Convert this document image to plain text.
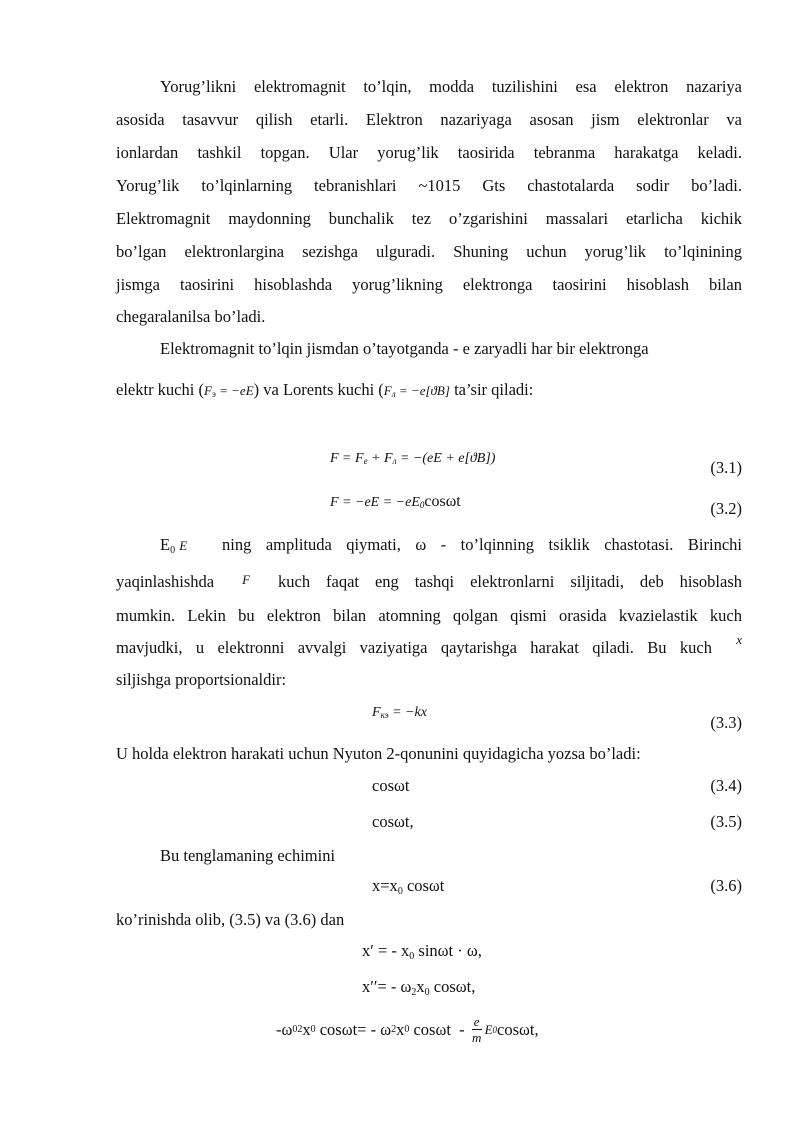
Yorug’likni elektromagnit to’lqin, modda tuzilishini esa elektron nazariya
asosida tasavvur qilish etarli. Elektron nazariyaga asosan jism elektronlar va
ionlardan tashkil topgan. Ular yorug’lik taosirida tebranma harakatga keladi.
Yorug’lik to’lqinlarning tebranishlari ~1015 Gts chastotalarda sodir bo’ladi.
Elektromagnit maydonning bunchalik tez o’zgarishini massalari etarlicha kichik
bo’lgan elektronlargina sezishga ulguradi. Shuning uchun yorug’lik to’lqinining
jismga taosirini hisoblashda yorug’likning elektronga taosirini hisoblash bilan
chegaralanilsa bo’ladi.
Elektromagnit to’lqin jismdan o’tayotganda - e zaryadli har bir elektronga
elektr kuchi $(F_э = -eE)$ va Lorents kuchi ($F_л = -e[ϑB]$ ta’sir qiladi:
$F = F_e + F_л = -(eE + e[ϑB])$	(3.1)
$F = -eE = -eE_0\cos\omega t$	(3.2)
$E_0$ E ning amplituda qiymati, ω - to’lqinning tsiklik chastotasi. Birinchi
yaqinlashishda F kuch faqat eng tashqi elektronlarni siljitadi, deb hisoblash
mumkin. Lekin bu elektron bilan atomning qolgan qismi orasida kvazielastik kuch
mavjudki, u elektronni avvalgi vaziyatiga qaytarishga harakat qiladi. Bu kuch x
siljishga proportsionaldir:
$F_{кэ} = -kx$
(3.3)
U holda elektron harakati uchun Nyuton 2-qonunini quyidagicha yozsa bo’ladi:
cosωt	(3.4)
cosωt,	(3.5)
Bu tenglamaning echimini
$x=x_0$ cosωt	(3.6)
ko’rinishda olib, (3.5) va (3.6) dan
x′ = - $x_0$ sinωt · ω,
$x''= - \omega_2x_0$ cosωt,
-ω 02 x 0 cosωt= - ω 2 x 0 cosωt  - $\frac{e}{m}$ E 0 cosωt,
